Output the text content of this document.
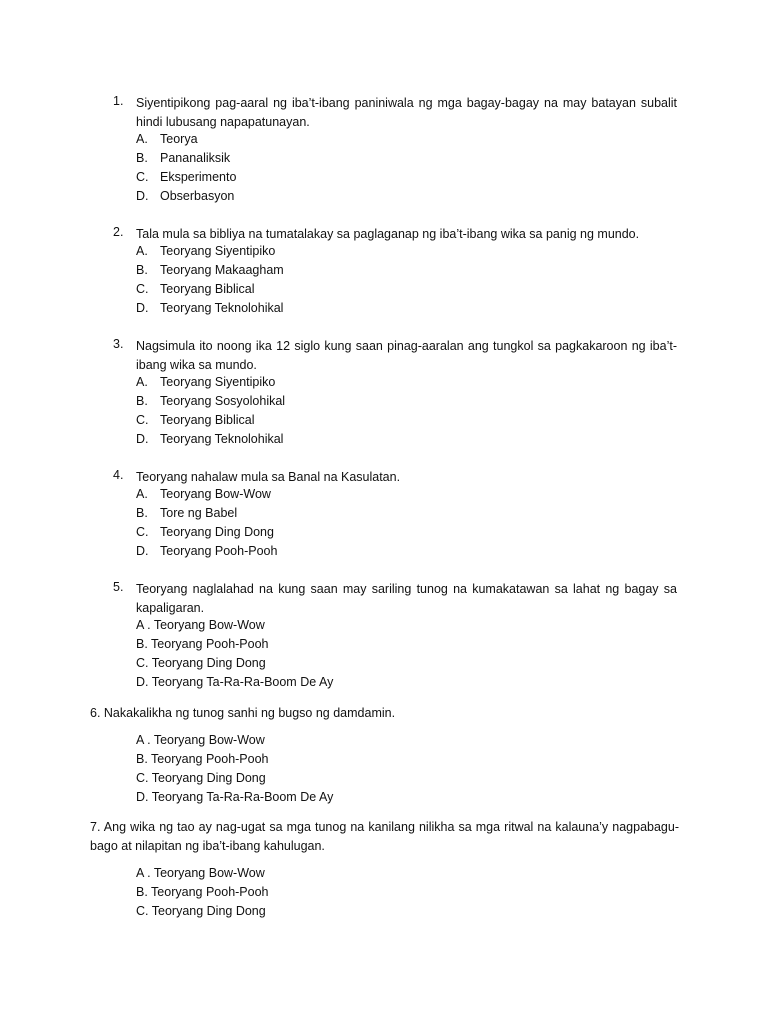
1. Siyentipikong pag-aaral ng iba’t-ibang paniniwala ng mga bagay-bagay na may batayan subalit hindi lubusang napapatunayan.
A. Teorya
B. Pananaliksik
C. Eksperimento
D. Obserbasyon
2. Tala mula sa bibliya na tumatalakay sa paglaganap ng iba’t-ibang wika sa panig ng mundo.
A. Teoryang Siyentipiko
B. Teoryang Makaagham
C. Teoryang Biblical
D. Teoryang Teknolohikal
3. Nagsimula ito noong ika 12 siglo kung saan pinag-aaralan ang tungkol sa pagkakaroon ng iba’t-ibang wika sa mundo.
A. Teoryang Siyentipiko
B. Teoryang Sosyolohikal
C. Teoryang Biblical
D. Teoryang Teknolohikal
4. Teoryang nahalaw mula sa Banal na Kasulatan.
A. Teoryang Bow-Wow
B. Tore ng Babel
C. Teoryang Ding Dong
D. Teoryang Pooh-Pooh
5. Teoryang naglalahad na kung saan may sariling tunog na kumakatawan sa lahat ng bagay sa kapaligaran.
A . Teoryang Bow-Wow
B. Teoryang Pooh-Pooh
C. Teoryang Ding Dong
D. Teoryang Ta-Ra-Ra-Boom De Ay
6. Nakakalikha ng tunog sanhi ng bugso ng damdamin.
A . Teoryang Bow-Wow
B. Teoryang Pooh-Pooh
C. Teoryang Ding Dong
D. Teoryang Ta-Ra-Ra-Boom De Ay
7. Ang wika ng tao ay nag-ugat sa mga tunog na kanilang nilikha sa mga ritwal na kalauna’y nagpabagu-bago at nilapitan ng iba’t-ibang kahulugan.
A . Teoryang Bow-Wow
B. Teoryang Pooh-Pooh
C. Teoryang Ding Dong
